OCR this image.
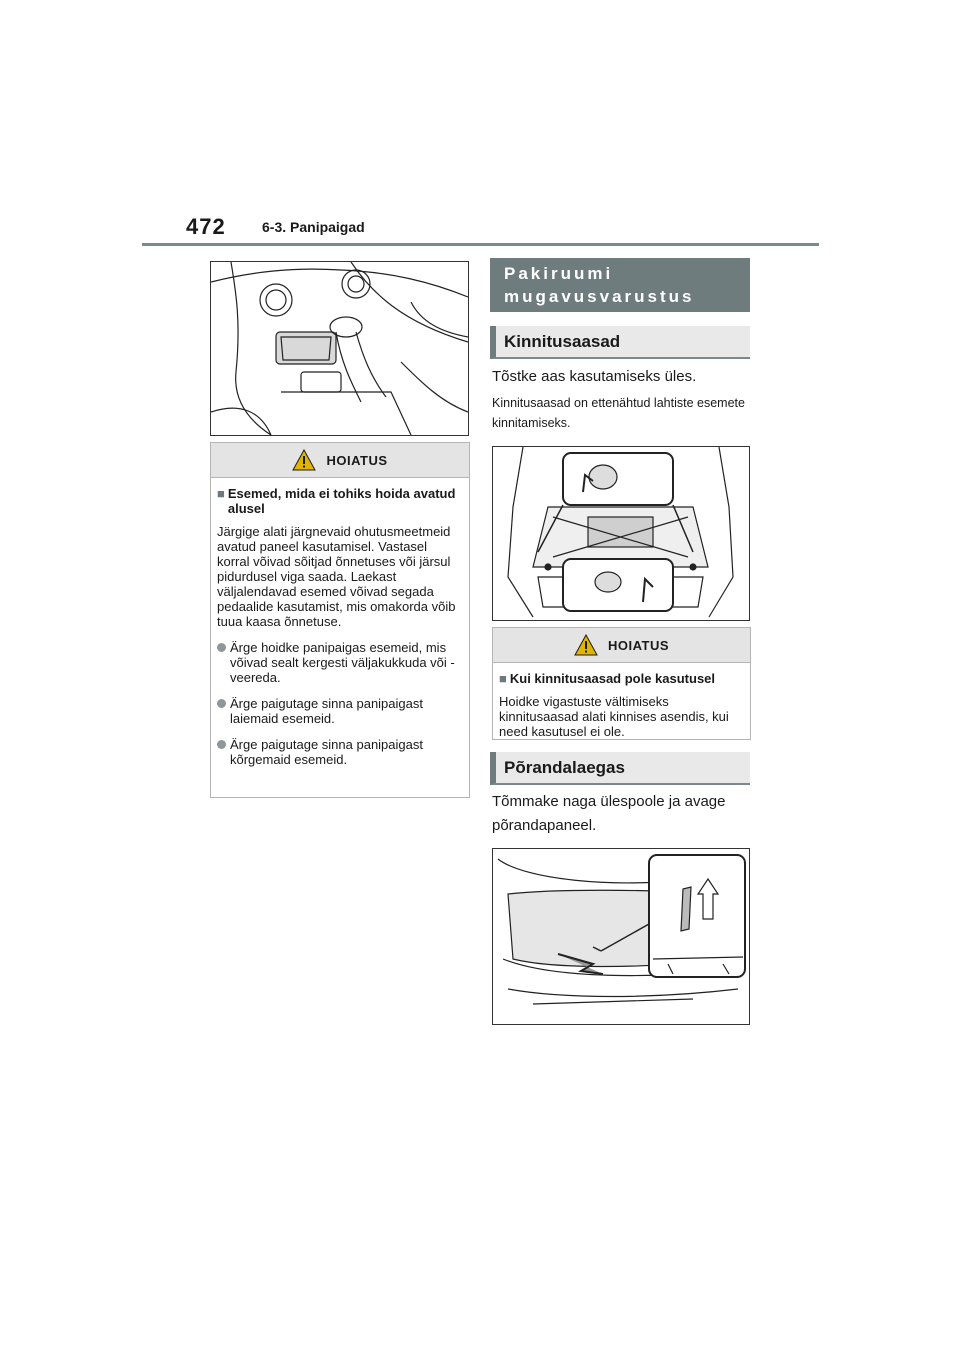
472	6-3. Panipaigad
HOIATUS
■ Esemed, mida ei tohiks hoida avatud alusel
Järgige alati järgnevaid ohutusmeetmeid avatud paneel kasutamisel. Vastasel korral võivad sõitjad õnnetuses või järsul pidurdusel viga saada. Laekast väljalendavad esemed võivad segada pedaalide kasutamist, mis omakorda võib tuua kaasa õnnetuse.
Ärge hoidke panipaigas esemeid, mis võivad sealt kergesti väljakukkuda või -veereda.
Ärge paigutage sinna panipaigast laiemaid esemeid.
Ärge paigutage sinna panipaigast kõrgemaid esemeid.
Pakiruumi mugavusvarustus
Kinnitusaasad
Tõstke aas kasutamiseks üles.
Kinnitusaasad on ettenähtud lahtiste esemete kinnitamiseks.
HOIATUS
■ Kui kinnitusaasad pole kasutusel
Hoidke vigastuste vältimiseks kinnitusaasad alati kinnises asendis, kui need kasutusel ei ole.
Põrandalaegas
Tõmmake naga ülespoole ja avage põrandapaneel.
